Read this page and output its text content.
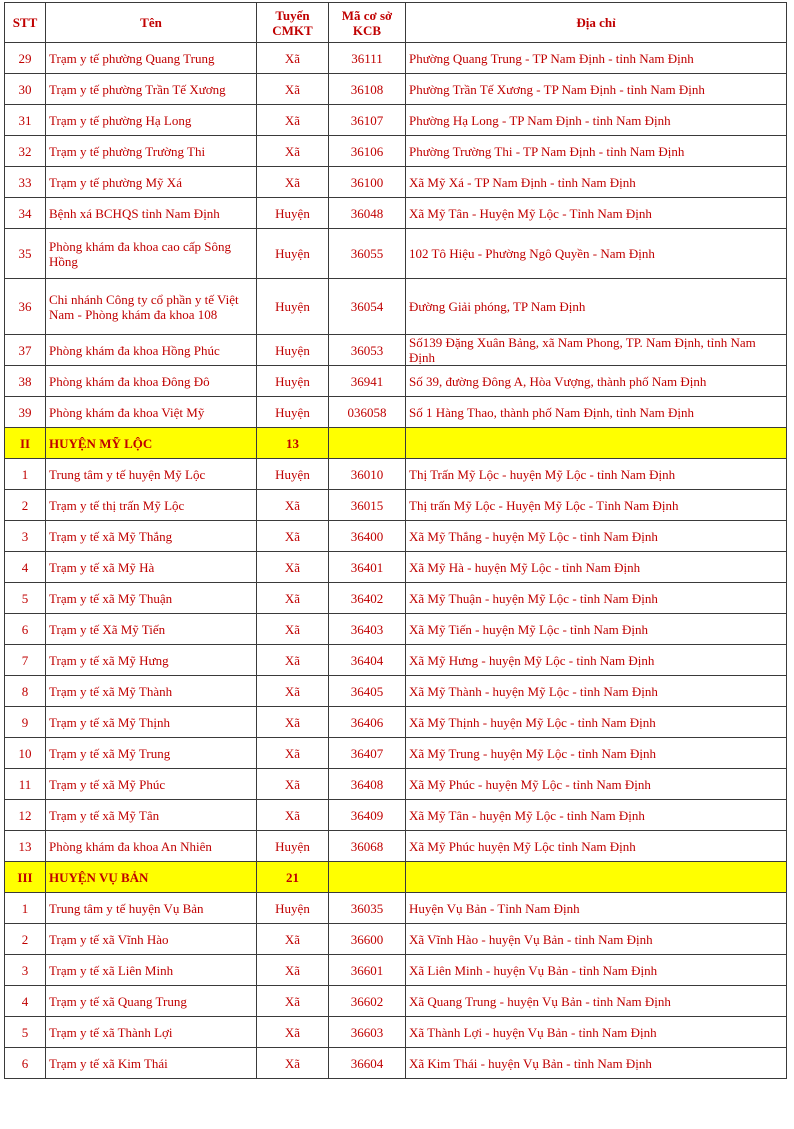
STT	Tên	Tuyến CMKT	Mã cơ sở KCB	Địa chỉ
29	Trạm y tế phường Quang Trung	Xã	36111	Phường Quang Trung - TP Nam Định - tỉnh Nam Định
30	Trạm y tế phường Trần Tế Xương	Xã	36108	Phường Trần Tế Xương - TP Nam Định - tỉnh Nam Định
31	Trạm y tế phường Hạ Long	Xã	36107	Phường Hạ Long - TP Nam Định - tỉnh Nam Định
32	Trạm y tế phường Trường Thi	Xã	36106	Phường Trường Thi - TP Nam Định - tỉnh Nam Định
33	Trạm y tế phường Mỹ Xá	Xã	36100	Xã Mỹ Xá - TP Nam Định - tỉnh Nam Định
34	Bệnh xá BCHQS tỉnh Nam Định	Huyện	36048	Xã Mỹ Tân - Huyện Mỹ Lộc - Tỉnh Nam Định
35	Phòng khám đa khoa cao cấp Sông Hồng	Huyện	36055	102 Tô Hiệu - Phường Ngô Quyền - Nam Định
36	Chi nhánh Công ty cổ phần y tế Việt Nam - Phòng khám đa khoa 108	Huyện	36054	Đường Giải phóng, TP Nam Định
37	Phòng khám đa khoa Hồng Phúc	Huyện	36053	Số139 Đặng Xuân Bảng, xã Nam Phong, TP. Nam Định, tỉnh Nam Định
38	Phòng khám đa khoa Đông Đô	Huyện	36941	Số 39, đường Đông A, Hòa Vượng, thành phố Nam Định
39	Phòng khám đa khoa Việt Mỹ	Huyện	036058	Số 1 Hàng Thao, thành phố Nam Định, tỉnh Nam Định
II	HUYỆN MỸ LỘC	13		
1	Trung tâm y tế huyện Mỹ Lộc	Huyện	36010	Thị Trấn Mỹ Lộc - huyện Mỹ Lộc - tỉnh Nam Định
2	Trạm y tế thị trấn Mỹ Lộc	Xã	36015	Thị trấn Mỹ Lộc - Huyện Mỹ Lộc - Tỉnh Nam Định
3	Trạm y tế xã Mỹ Thắng	Xã	36400	Xã Mỹ Thắng - huyện Mỹ Lộc - tỉnh Nam Định
4	Trạm y tế xã Mỹ Hà	Xã	36401	Xã Mỹ Hà - huyện Mỹ Lộc - tỉnh Nam Định
5	Trạm y tế xã Mỹ Thuận	Xã	36402	Xã Mỹ Thuận - huyện Mỹ Lộc - tỉnh Nam Định
6	Trạm y tế Xã Mỹ Tiến	Xã	36403	Xã Mỹ Tiến - huyện Mỹ Lộc - tỉnh Nam Định
7	Trạm y tế xã Mỹ Hưng	Xã	36404	Xã Mỹ Hưng - huyện Mỹ Lộc - tỉnh Nam Định
8	Trạm y tế xã Mỹ Thành	Xã	36405	Xã Mỹ Thành - huyện Mỹ Lộc - tỉnh Nam Định
9	Trạm y tế xã Mỹ Thịnh	Xã	36406	Xã Mỹ Thịnh - huyện Mỹ Lộc - tỉnh Nam Định
10	Trạm y tế xã Mỹ Trung	Xã	36407	Xã Mỹ Trung - huyện Mỹ Lộc - tỉnh Nam Định
11	Trạm y tế xã Mỹ Phúc	Xã	36408	Xã Mỹ Phúc - huyện Mỹ Lộc - tỉnh Nam Định
12	Trạm y tế xã Mỹ Tân	Xã	36409	Xã Mỹ Tân - huyện Mỹ Lộc - tỉnh Nam Định
13	Phòng khám đa khoa An Nhiên	Huyện	36068	Xã Mỹ Phúc huyện Mỹ Lộc tỉnh Nam Định
III	HUYỆN VỤ BẢN	21		
1	Trung tâm y tế huyện Vụ Bản	Huyện	36035	Huyện Vụ Bản - Tỉnh Nam Định
2	Trạm y tế xã Vĩnh Hào	Xã	36600	Xã Vĩnh Hào - huyện Vụ Bản - tỉnh Nam Định
3	Trạm y tế xã Liên Minh	Xã	36601	Xã Liên Minh - huyện Vụ Bản - tỉnh Nam Định
4	Trạm y tế xã Quang Trung	Xã	36602	Xã Quang Trung - huyện Vụ Bản - tỉnh Nam Định
5	Trạm y tế xã Thành Lợi	Xã	36603	Xã Thành Lợi - huyện Vụ Bản - tỉnh Nam Định
6	Trạm y tế xã Kim Thái	Xã	36604	Xã Kim Thái - huyện Vụ Bản - tỉnh Nam Định
